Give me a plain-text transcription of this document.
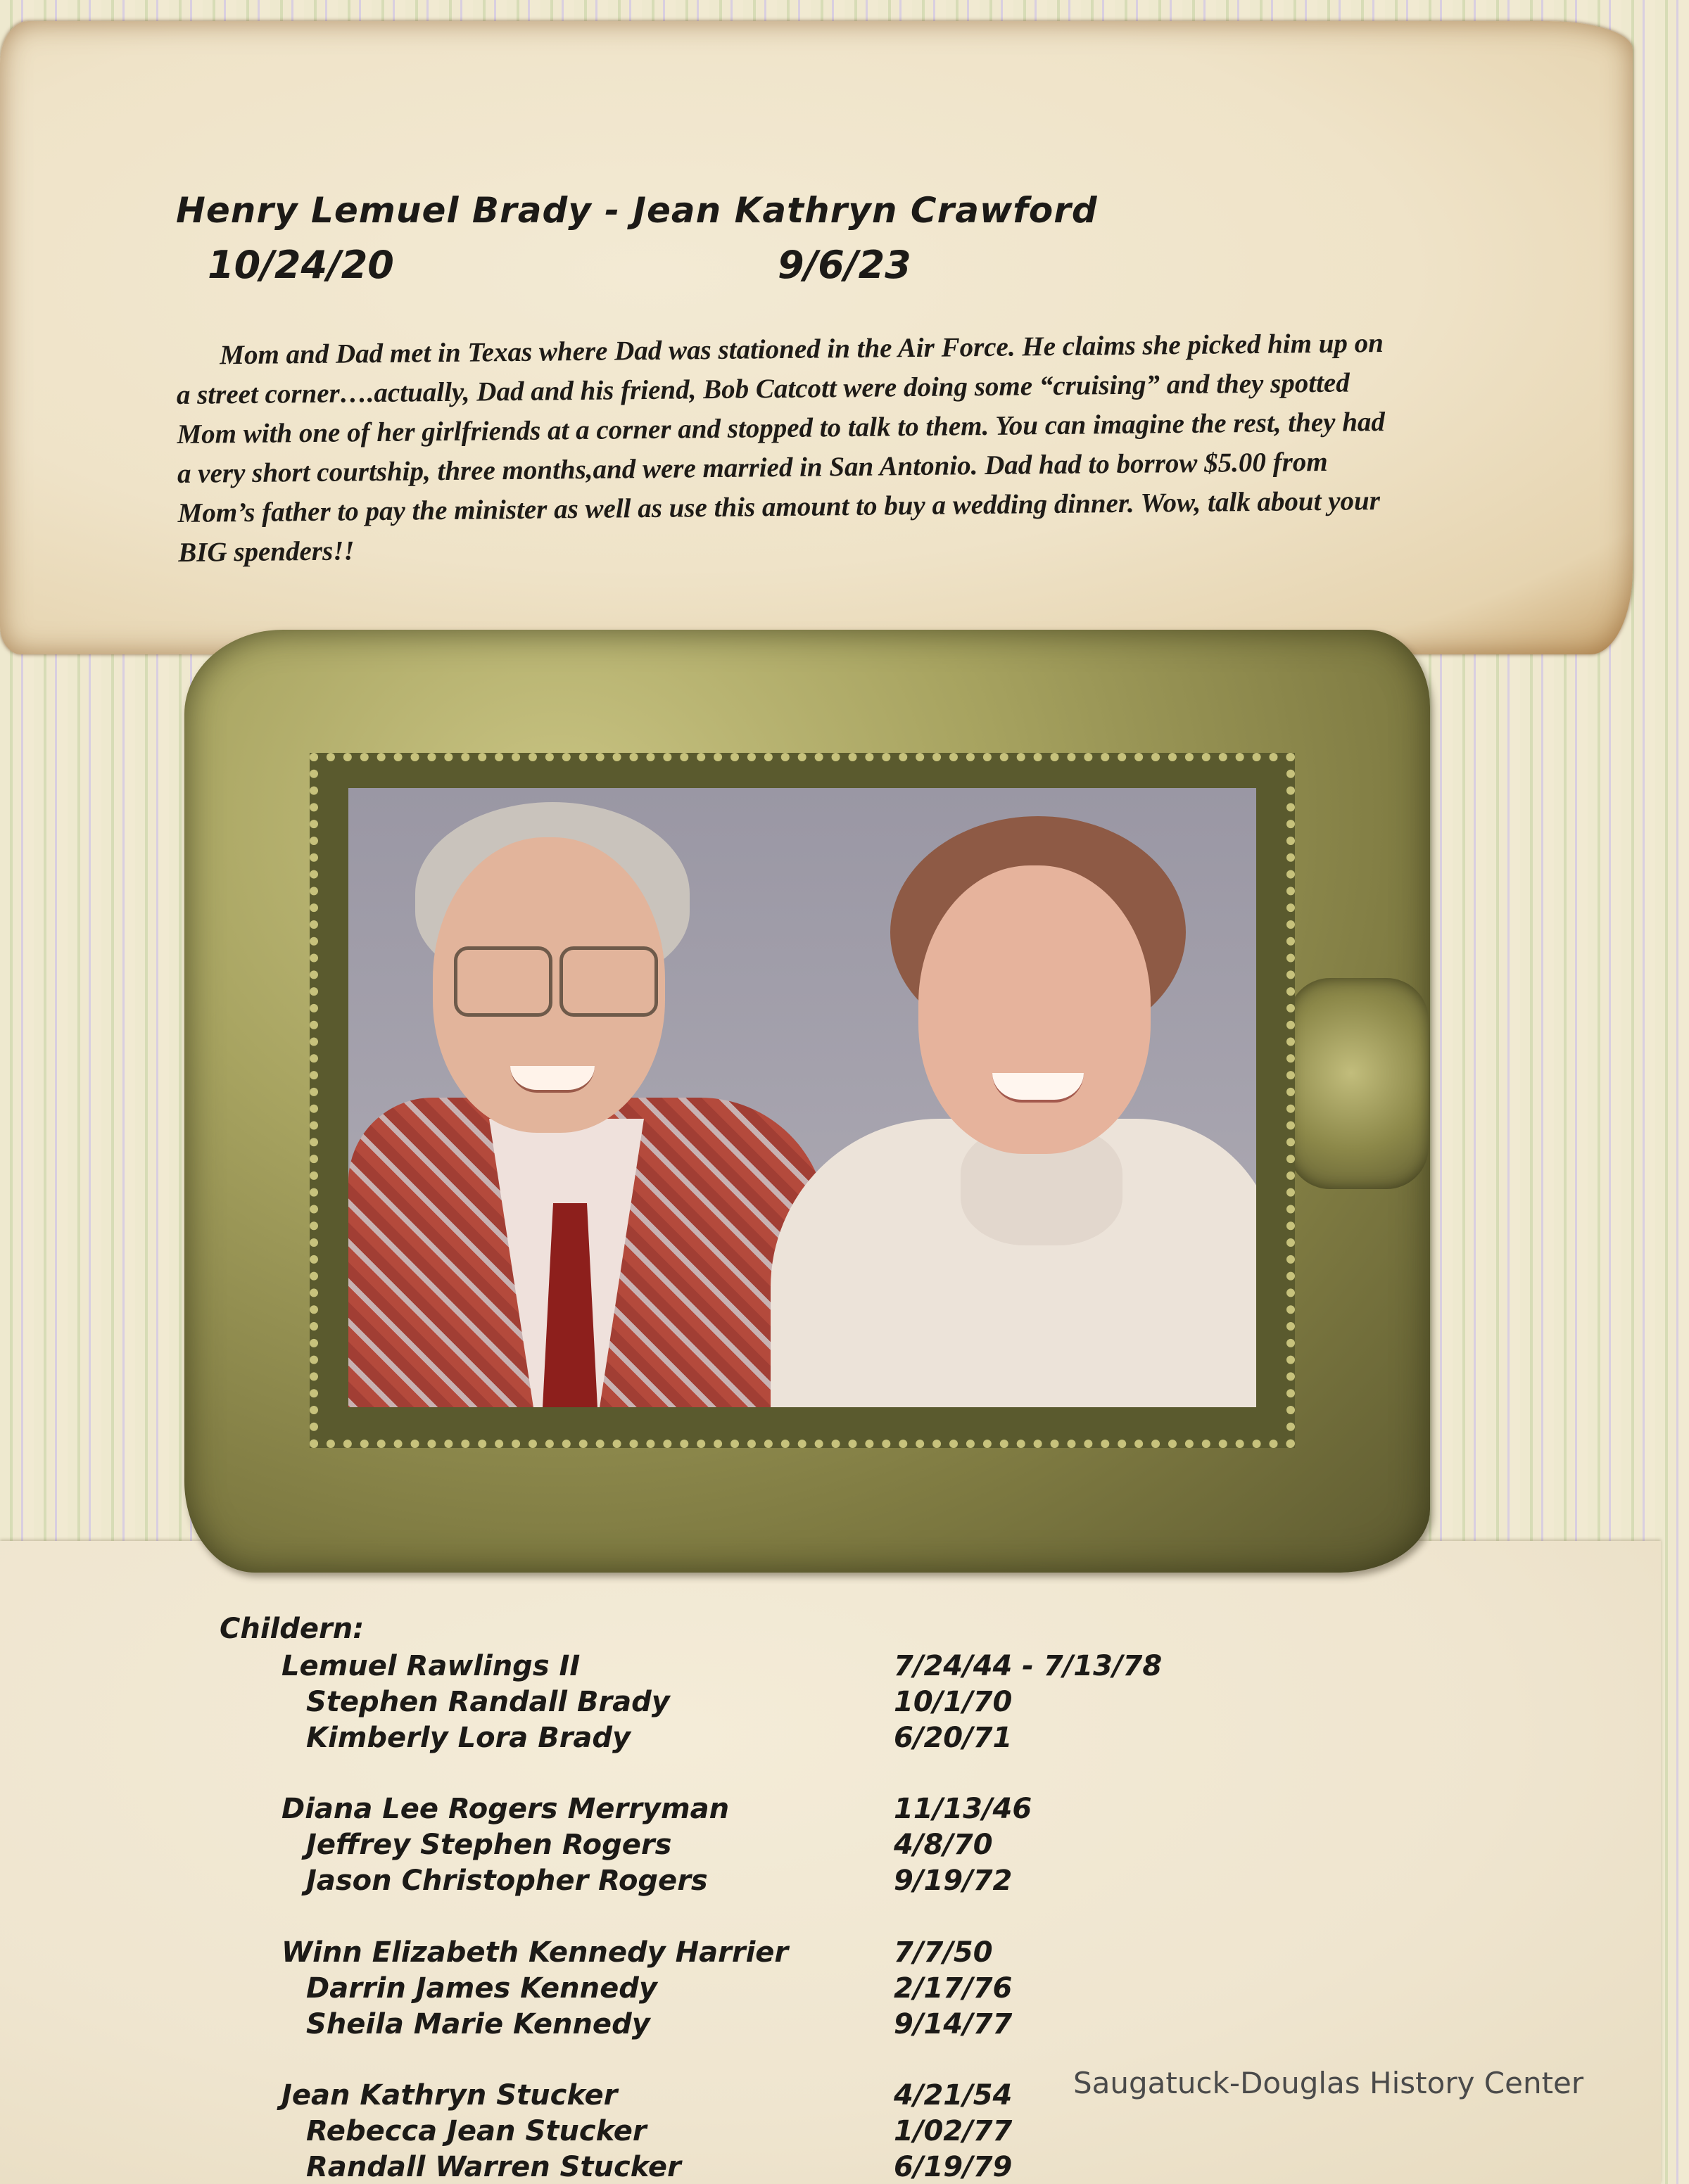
Henry Lemuel Brady - Jean Kathryn Crawford
10/24/20	9/6/23
Mom and Dad met in Texas where Dad was stationed in the Air Force. He claims she picked him up on a street corner….actually, Dad and his friend, Bob Catcott were doing some “cruising” and they spotted Mom with one of her girlfriends at a corner and stopped to talk to them. You can imagine the rest, they had a very short courtship, three months,and were married in San Antonio. Dad had to borrow $5.00 from Mom’s father to pay the minister as well as use this amount to buy a wedding dinner. Wow, talk about your BIG spenders!!
Childern:
Lemuel Rawlings II	7/24/44 - 7/13/78
Stephen Randall Brady	10/1/70
Kimberly Lora Brady	6/20/71
Diana Lee Rogers Merryman	11/13/46
Jeffrey Stephen Rogers	4/8/70
Jason Christopher Rogers	9/19/72
Winn Elizabeth Kennedy Harrier	7/7/50
Darrin James Kennedy	2/17/76
Sheila Marie Kennedy	9/14/77
Jean Kathryn Stucker	4/21/54
Rebecca Jean Stucker	1/02/77
Randall Warren Stucker	6/19/79
Saugatuck-Douglas History Center
